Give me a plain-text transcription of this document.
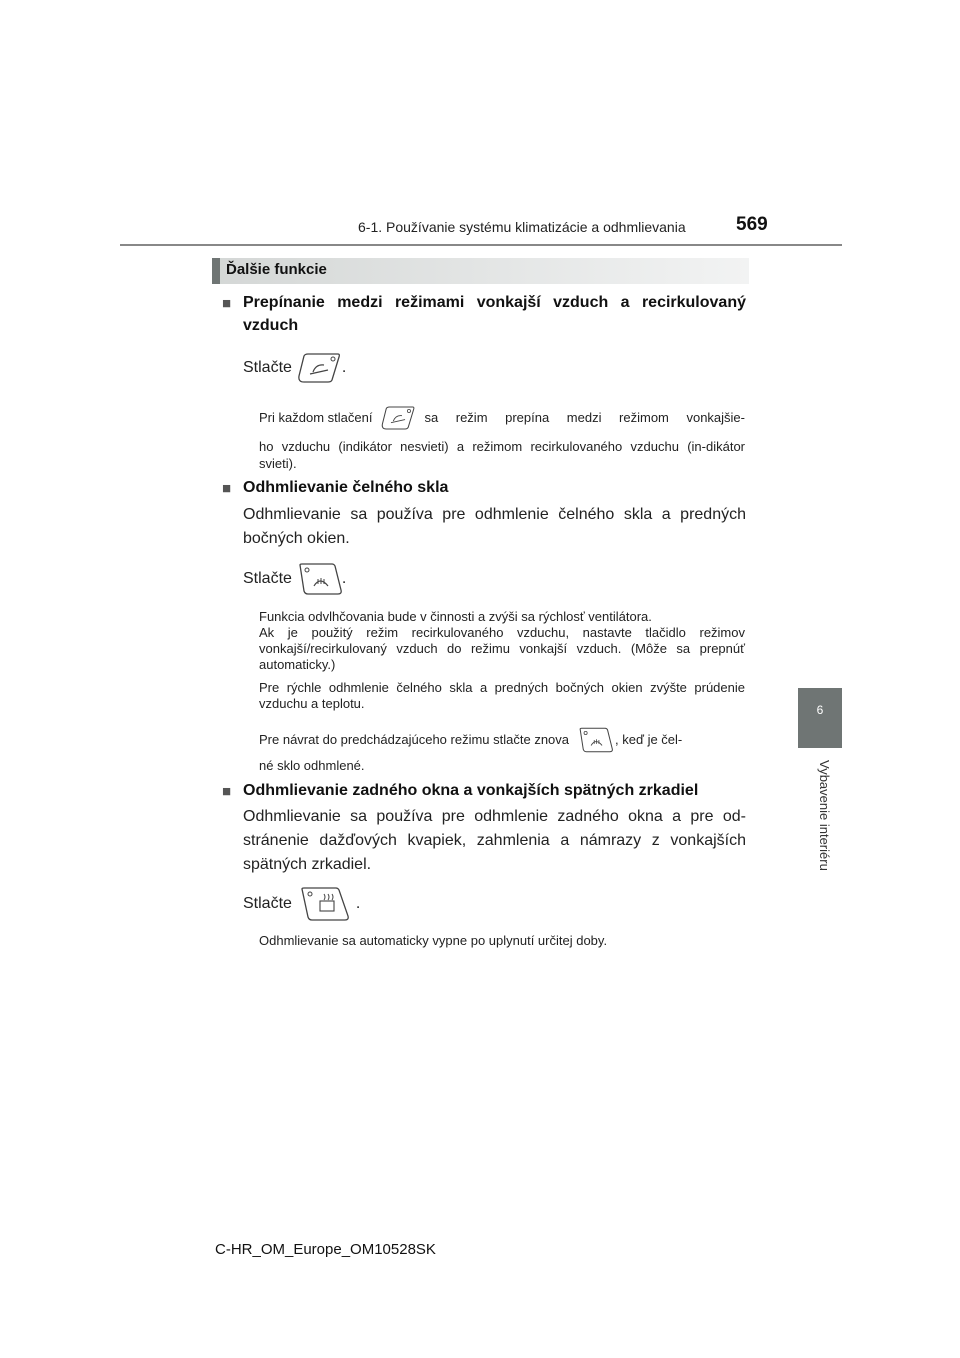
6-1. Používanie systému klimatizácie a odhmlievania	569
6
Vybavenie interiéru
Ďalšie funkcie
■ Prepínanie medzi režimami vonkajší vzduch a recirkulovaný
vzduch
Stlačte	.
Pri každom stlačení	sa režim prepína medzi režimom vonkajšie-
ho vzduchu (indikátor nesvieti) a režimom recirkulovaného vzduchu (in-dikátor svieti).
■ Odhmlievanie čelného skla
Odhmlievanie sa používa pre odhmlenie čelného skla a predných bočných okien.
Stlačte	.
Funkcia odvlhčovania bude v činnosti a zvýši sa rýchlosť ventilátora.
Ak je použitý režim recirkulovaného vzduchu, nastavte tlačidlo režimov vonkajší/recirkulovaný vzduch do režimu vonkajší vzduch. (Môže sa prepnúť automaticky.)
Pre rýchle odhmlenie čelného skla a predných bočných okien zvýšte prúdenie vzduchu a teplotu.
Pre návrat do predchádzajúceho režimu stlačte znova	, keď je čel-
né sklo odhmlené.
■ Odhmlievanie zadného okna a vonkajších spätných zrkadiel
Odhmlievanie sa používa pre odhmlenie zadného okna a pre od-stránenie dažďových kvapiek, zahmlenia a námrazy z vonkajších spätných zrkadiel.
Stlačte	.
Odhmlievanie sa automaticky vypne po uplynutí určitej doby.
C-HR_OM_Europe_OM10528SK
